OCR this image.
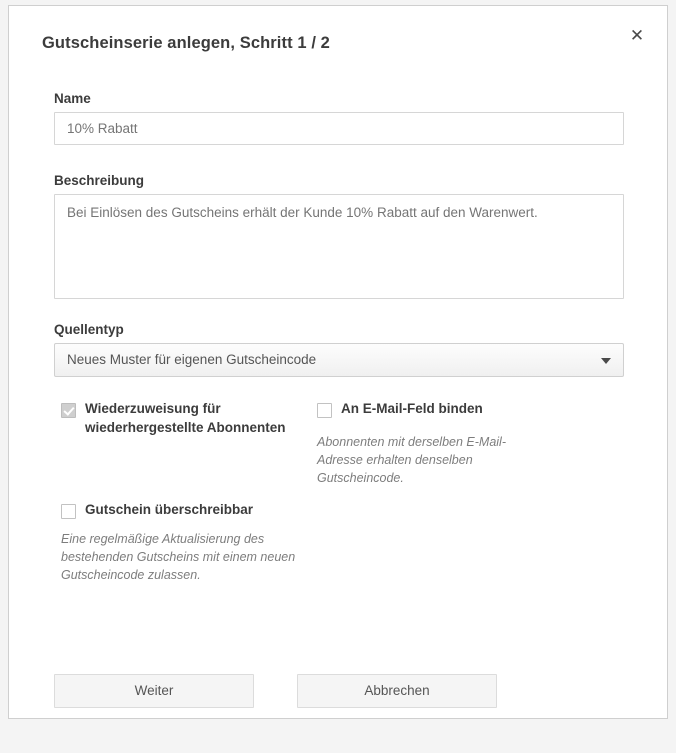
Gutscheinserie anlegen, Schritt 1 / 2	✕
Name
10% Rabatt
Beschreibung
Bei Einlösen des Gutscheins erhält der Kunde 10% Rabatt auf den Warenwert.
Quellentyp
Neues Muster für eigenen Gutscheincode
Wiederzuweisung für wiederhergestellte Abonnenten
An E-Mail-Feld binden
Abonnenten mit derselben E-Mail-Adresse erhalten denselben Gutscheincode.
Gutschein überschreibbar
Eine regelmäßige Aktualisierung des bestehenden Gutscheins mit einem neuen Gutscheincode zulassen.
Weiter	Abbrechen
